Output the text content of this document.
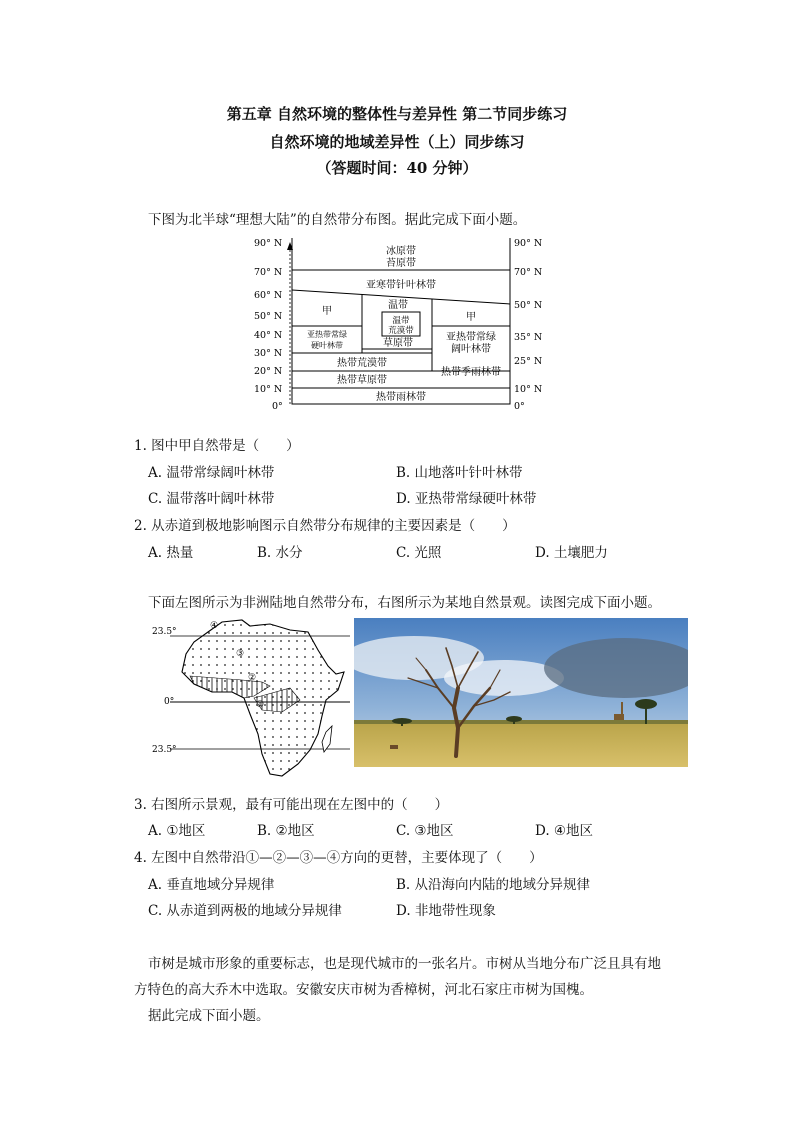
第五章 自然环境的整体性与差异性 第二节同步练习
自然环境的地域差异性（上）同步练习
（答题时间：40 分钟）
下图为北半球“理想大陆”的自然带分布图。据此完成下面小题。
90° N
70° N
60° N
50° N
40° N
30° N
20° N
10° N
0°
90° N
70° N
50° N
35° N
25° N
10° N
0°
冰原带
苔原带
亚寒带针叶林带
甲
甲
温带
温带
荒漠带
草原带
亚热带常绿
硬叶林带
亚热带常绿
阔叶林带
热带荒漠带
热带草原带
热带季雨林带
热带雨林带
1. 图中甲自然带是（　　）
A. 温带常绿阔叶林带	B. 山地落叶针叶林带
C. 温带落叶阔叶林带	D. 亚热带常绿硬叶林带
2. 从赤道到极地影响图示自然带分布规律的主要因素是（　　）
A. 热量	B. 水分	C. 光照	D. 土壤肥力
下面左图所示为非洲陆地自然带分布，右图所示为某地自然景观。读图完成下面小题。
23.5°
0°
23.5°
④
③
②
①
3. 右图所示景观，最有可能出现在左图中的（　　）
A. ①地区	B. ②地区	C. ③地区	D. ④地区
4. 左图中自然带沿①—②—③—④方向的更替，主要体现了（　　）
A. 垂直地域分异规律	B. 从沿海向内陆的地域分异规律
C. 从赤道到两极的地域分异规律	D. 非地带性现象
市树是城市形象的重要标志，也是现代城市的一张名片。市树从当地分布广泛且具有地
方特色的高大乔木中选取。安徽安庆市树为香樟树，河北石家庄市树为国槐。
据此完成下面小题。
